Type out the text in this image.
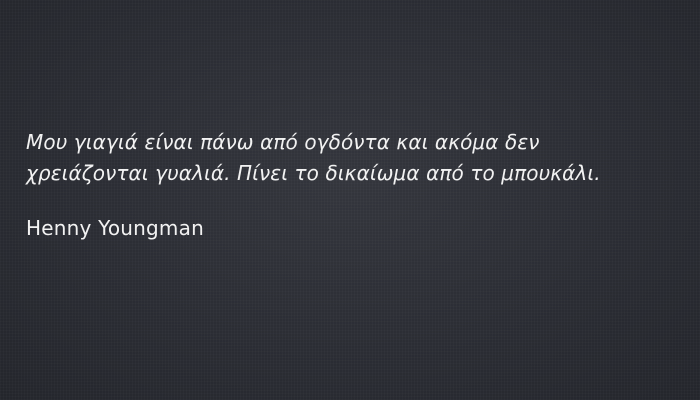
Μου γιαγιά είναι πάνω από ογδόντα και ακόμα δεν χρειάζονται γυαλιά. Πίνει το δικαίωμα από το μπουκάλι.

Henny Youngman
